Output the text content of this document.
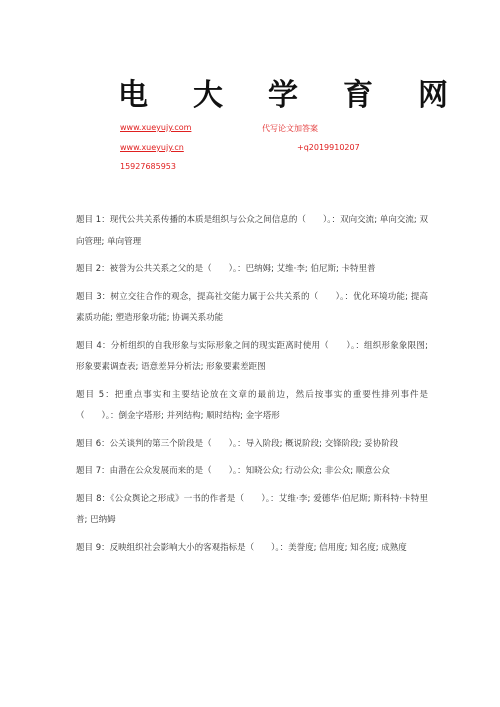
电大学育网
www.xueyujy.com	代写论文加答案
www.xueyujy.cn	+q2019910207
15927685953

题目 1：现代公共关系传播的本质是组织与公众之间信息的（　　）。：双向交流; 单向交流; 双向管理; 单向管理

题目 2：被誉为公共关系之父的是（　　）。：巴纳姆; 艾维·李; 伯尼斯; 卡特里普

题目 3：树立交往合作的观念，提高社交能力属于公共关系的（　　）。：优化环境功能; 提高素质功能; 塑造形象功能; 协调关系功能

题目 4：分析组织的自我形象与实际形象之间的现实距离时使用（　　）。：组织形象象限图; 形象要素调查表; 语意差异分析法; 形象要素差距图

题目 5：把重点事实和主要结论放在文章的最前边，然后按事实的重要性排列事件是（　　）。：倒金字塔形; 并列结构; 顺时结构; 金字塔形

题目 6：公关谈判的第三个阶段是（　　）。：导入阶段; 概说阶段; 交锋阶段; 妥协阶段

题目 7：由潜在公众发展而来的是（　　）。：知晓公众; 行动公众; 非公众; 顺意公众

题目 8：《公众舆论之形成》一书的作者是（　　）。：艾维·李; 爱德华·伯尼斯; 斯科特·卡特里普; 巴纳姆

题目 9：反映组织社会影响大小的客观指标是（　　）。：美誉度; 信用度; 知名度; 成熟度
